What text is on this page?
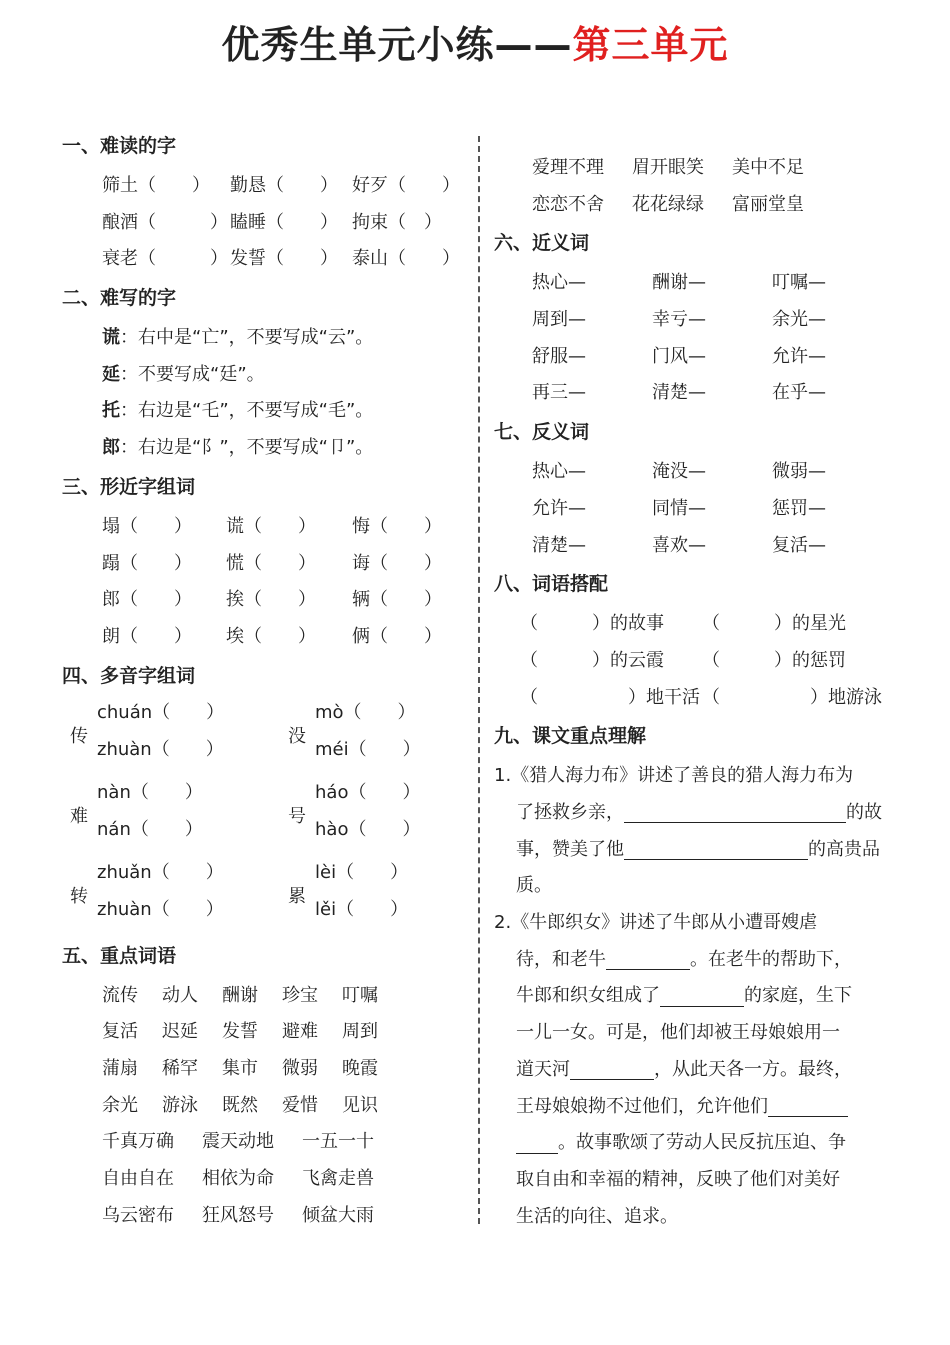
优秀生单元小练——第三单元
一、难读的字
筛土（　　） 勤恳（　　） 好歹（　　）
酿酒（　　　） 瞌睡（　　） 拘束（　）
衰老（　　　） 发誓（　　） 泰山（　　）
二、难写的字
谎：右中是“亡”，不要写成“云”。
延：不要写成“廷”。
托：右边是“乇”，不要写成“毛”。
郎：右边是“阝”，不要写成“卩”。
三、形近字组词
塌（　　） 谎（　　） 悔（　　）
蹋（　　） 慌（　　） 诲（　　）
郎（　　） 挨（　　） 辆（　　）
朗（　　） 埃（　　） 俩（　　）
四、多音字组词
传
chuán（　　）
zhuàn（　　）
没
mò（　　）
méi（　　）
难
nàn（　　）
nán（　　）
号
háo（　　）
hào（　　）
转
zhuǎn（　　）
zhuàn（　　）
累
lèi（　　）
lěi（　　）
五、重点词语
流传 动人 酬谢 珍宝 叮嘱
复活 迟延 发誓 避难 周到
蒲扇 稀罕 集市 微弱 晚霞
余光 游泳 既然 爱惜 见识
千真万确 震天动地 一五一十
自由自在 相依为命 飞禽走兽
乌云密布 狂风怒号 倾盆大雨
爱理不理 眉开眼笑 美中不足
恋恋不舍 花花绿绿 富丽堂皇
六、近义词
热心—	酬谢—	叮嘱—
周到—	幸亏—	余光—
舒服—	门风—	允许—
再三—	清楚—	在乎—
七、反义词
热心—	淹没—	微弱—
允许—	同情—	惩罚—
清楚—	喜欢—	复活—
八、词语搭配
（　　　）的故事 （　　　）的星光
（　　　）的云霞 （　　　）的惩罚
（　　　　　）地干活 （　　　　　）地游泳
九、课文重点理解
1.《猎人海力布》讲述了善良的猎人海力布为
了拯救乡亲，	的故
事，赞美了他	的高贵品
质。
2.《牛郎织女》讲述了牛郎从小遭哥嫂虐
待，和老牛	。在老牛的帮助下，
牛郎和织女组成了	的家庭，生下
一儿一女。可是，他们却被王母娘娘用一
道天河	，从此天各一方。最终，
王母娘娘拗不过他们，允许他们
。故事歌颂了劳动人民反抗压迫、争
取自由和幸福的精神，反映了他们对美好
生活的向往、追求。
